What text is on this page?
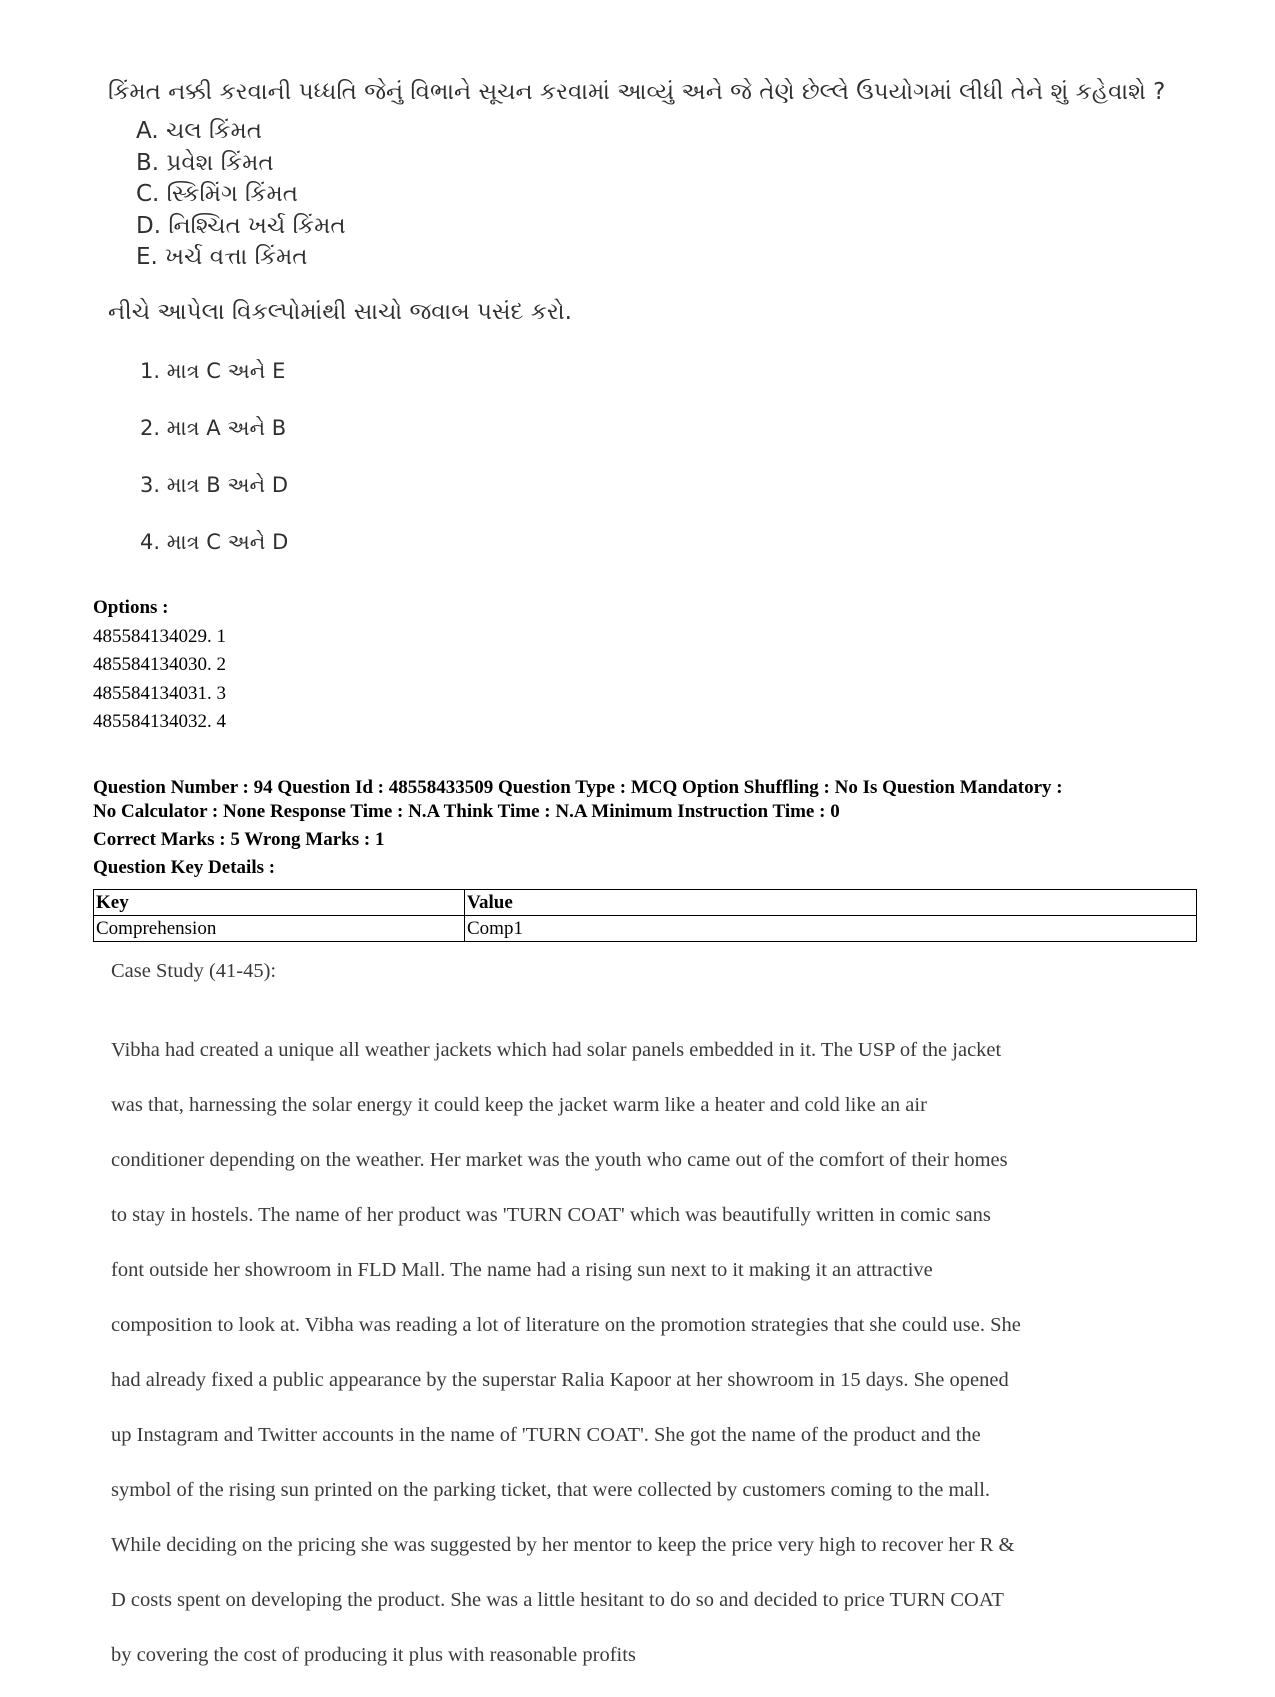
કિંમત નક્કી કરવાની પધ્ધતિ જેનું વિભાને સૂચન કરવામાં આવ્યું અને જે તેણે છેલ્લે ઉપયોગમાં લીધી તેને શું કહેવાશે ?
A. ચલ કિંમત
B. પ્રવેશ કિંમત
C. સ્કિમિંગ કિંમત
D. નિશ્ચિત ખર્ચ કિંમત
E. ખર્ચ વત્તા કિંમત
નીચે આપેલા વિકલ્પોમાંથી સાચો જવાબ પસંદ કરો.
1. માત્ર C અને E
2. માત્ર A અને B
3. માત્ર B અને D
4. માત્ર C અને D
Options :
485584134029. 1
485584134030. 2
485584134031. 3
485584134032. 4
Question Number : 94 Question Id : 48558433509 Question Type : MCQ Option Shuffling : No Is Question Mandatory :
No Calculator : None Response Time : N.A Think Time : N.A Minimum Instruction Time : 0
Correct Marks : 5 Wrong Marks : 1
Question Key Details :
Key	Value
Comprehension	Comp1
Case Study (41-45):

Vibha had created a unique all weather jackets which had solar panels embedded in it. The USP of the jacket

was that, harnessing the solar energy it could keep the jacket warm like a heater and cold like an air

conditioner depending on the weather. Her market was the youth who came out of the comfort of their homes

to stay in hostels. The name of her product was 'TURN COAT' which was beautifully written in comic sans

font outside her showroom in FLD Mall. The name had a rising sun next to it making it an attractive

composition to look at. Vibha was reading a lot of literature on the promotion strategies that she could use. She

had already fixed a public appearance by the superstar Ralia Kapoor at her showroom in 15 days. She opened

up Instagram and Twitter accounts in the name of 'TURN COAT'. She got the name of the product and the

symbol of the rising sun printed on the parking ticket, that were collected by customers coming to the mall.

While deciding on the pricing she was suggested by her mentor to keep the price very high to recover her R &

D costs spent on developing the product. She was a little hesitant to do so and decided to price TURN COAT

by covering the cost of producing it plus with reasonable profits
